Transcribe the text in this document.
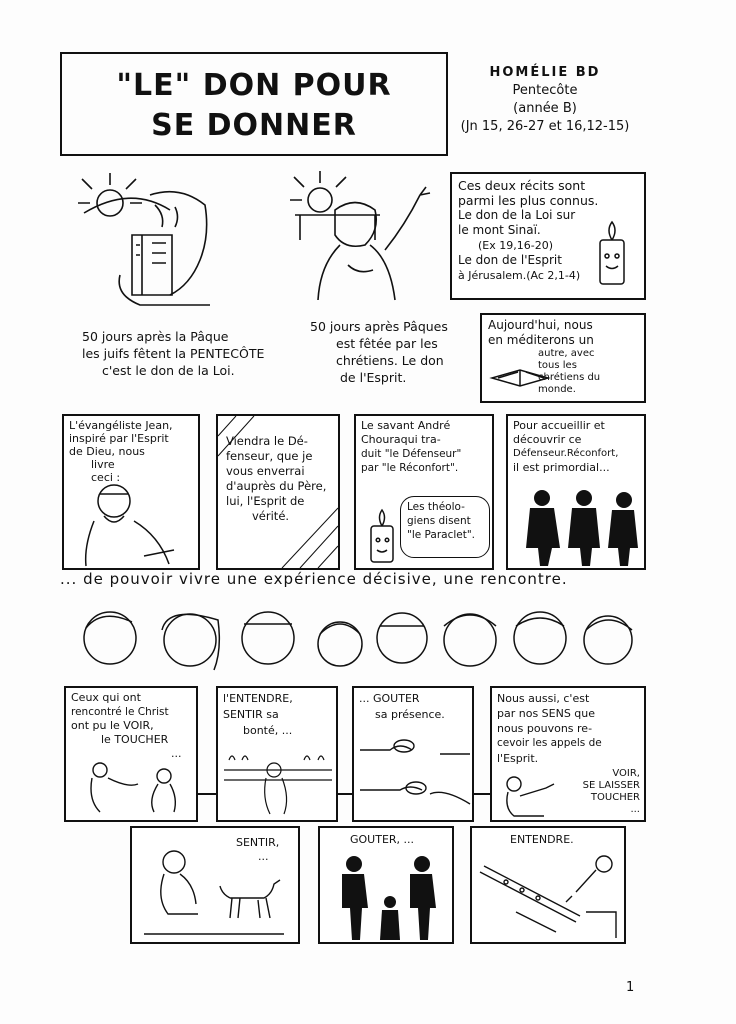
"LE" DON POUR
SE DONNER
HOMÉLIE BD
Pentecôte
(année B)
(Jn 15, 26-27 et 16,12-15)
Ces deux récits sont
parmi les plus connus.
Le don de la Loi sur
le mont Sinaï.
(Ex 19,16-20)
Le don de l'Esprit
à Jérusalem.(Ac 2,1-4)
50 jours après la Pâque
les juifs fêtent la PENTECÔTE
c'est le don de la Loi.
50 jours après Pâques
est fêtée par les
chrétiens. Le don
de l'Esprit.
Aujourd'hui, nous
en méditerons un
autre, avec
tous les
chrétiens du
monde.
L'évangéliste Jean,
inspiré par l'Esprit
de Dieu, nous
livre
ceci :
Viendra le Dé-
fenseur, que je
vous enverrai
d'auprès du Père,
lui, l'Esprit de
vérité.
Le savant André
Chouraqui tra-
duit "le Défenseur"
par "le Réconfort".
Les théolo-
giens disent
"le Paraclet".
Pour accueillir et
découvrir ce
Défenseur.Réconfort,
il est primordial...
... de pouvoir vivre une expérience décisive, une rencontre.
Ceux qui ont
rencontré le Christ
ont pu le VOIR,
le TOUCHER
...
l'ENTENDRE,
SENTIR sa
bonté, ...
... GOUTER
sa présence.
Nous aussi, c'est
par nos SENS que
nous pouvons re-
cevoir les appels de
l'Esprit.
VOIR,
SE LAISSER
TOUCHER
...
SENTIR,
...
GOUTER, ...	ENTENDRE.
1
